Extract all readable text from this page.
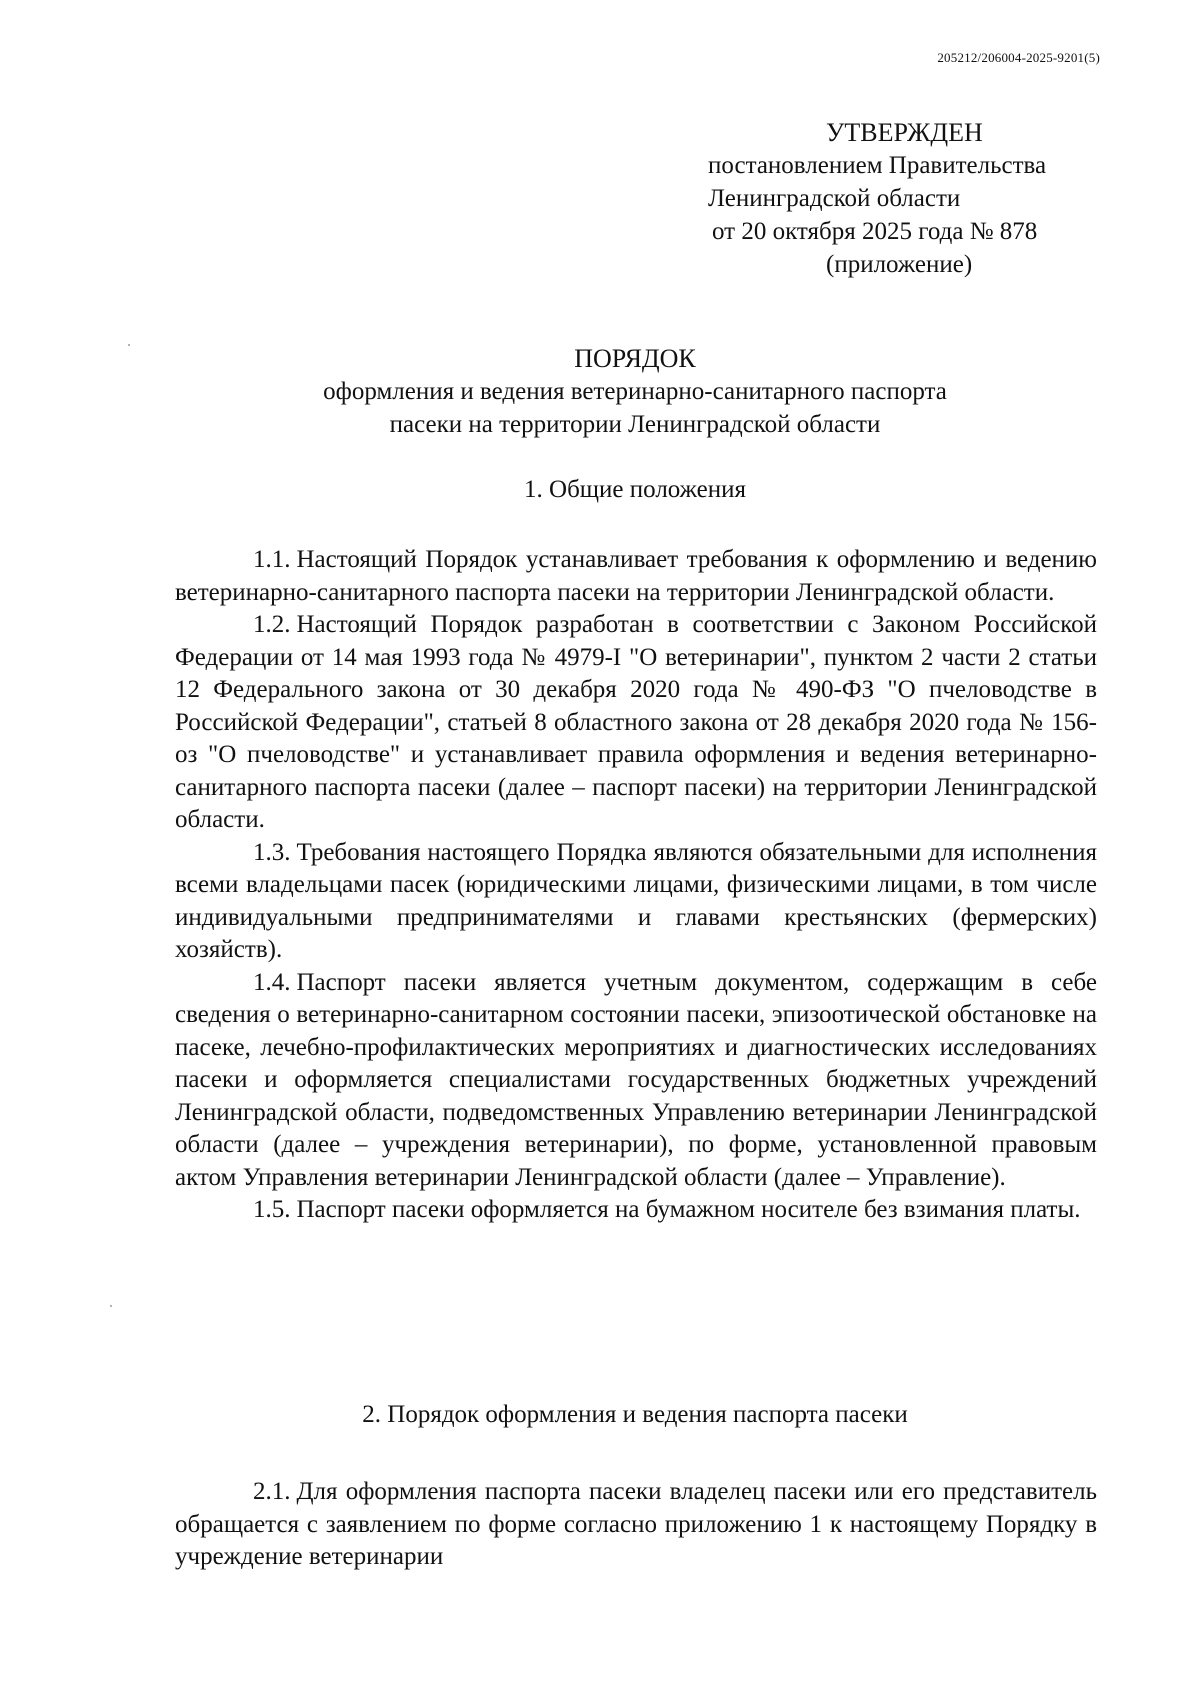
205212/206004-2025-9201(5)
УТВЕРЖДЕН
постановлением Правительства
Ленинградской области
от 20 октября 2025 года № 878
(приложение)
ПОРЯДОК
оформления и ведения ветеринарно-санитарного паспорта
пасеки на территории Ленинградской области
1. Общие положения

1.1. Настоящий Порядок устанавливает требования к оформлению и ведению ветеринарно-санитарного паспорта пасеки на территории Ленинградской области.

1.2. Настоящий Порядок разработан в соответствии с Законом Российской Федерации от 14 мая 1993 года № 4979-I "О ветеринарии", пунктом 2 части 2 статьи 12 Федерального закона от 30 декабря 2020 года № 490-ФЗ "О пчеловодстве в Российской Федерации", статьей 8 областного закона от 28 декабря 2020 года № 156-оз "О пчеловодстве" и устанавливает правила оформления и ведения ветеринарно-санитарного паспорта пасеки (далее – паспорт пасеки) на территории Ленинградской области.

1.3. Требования настоящего Порядка являются обязательными для исполнения всеми владельцами пасек (юридическими лицами, физическими лицами, в том числе индивидуальными предпринимателями и главами крестьянских (фермерских) хозяйств).

1.4. Паспорт пасеки является учетным документом, содержащим в себе сведения о ветеринарно-санитарном состоянии пасеки, эпизоотической обстановке на пасеке, лечебно-профилактических мероприятиях и диагностических исследованиях пасеки и оформляется специалистами государственных бюджетных учреждений Ленинградской области, подведомственных Управлению ветеринарии Ленинградской области (далее – учреждения ветеринарии), по форме, установленной правовым актом Управления ветеринарии Ленинградской области (далее – Управление).

1.5. Паспорт пасеки оформляется на бумажном носителе без взимания платы.

2. Порядок оформления и ведения паспорта пасеки

2.1. Для оформления паспорта пасеки владелец пасеки или его представитель обращается с заявлением по форме согласно приложению 1 к настоящему Порядку в учреждение ветеринарии
